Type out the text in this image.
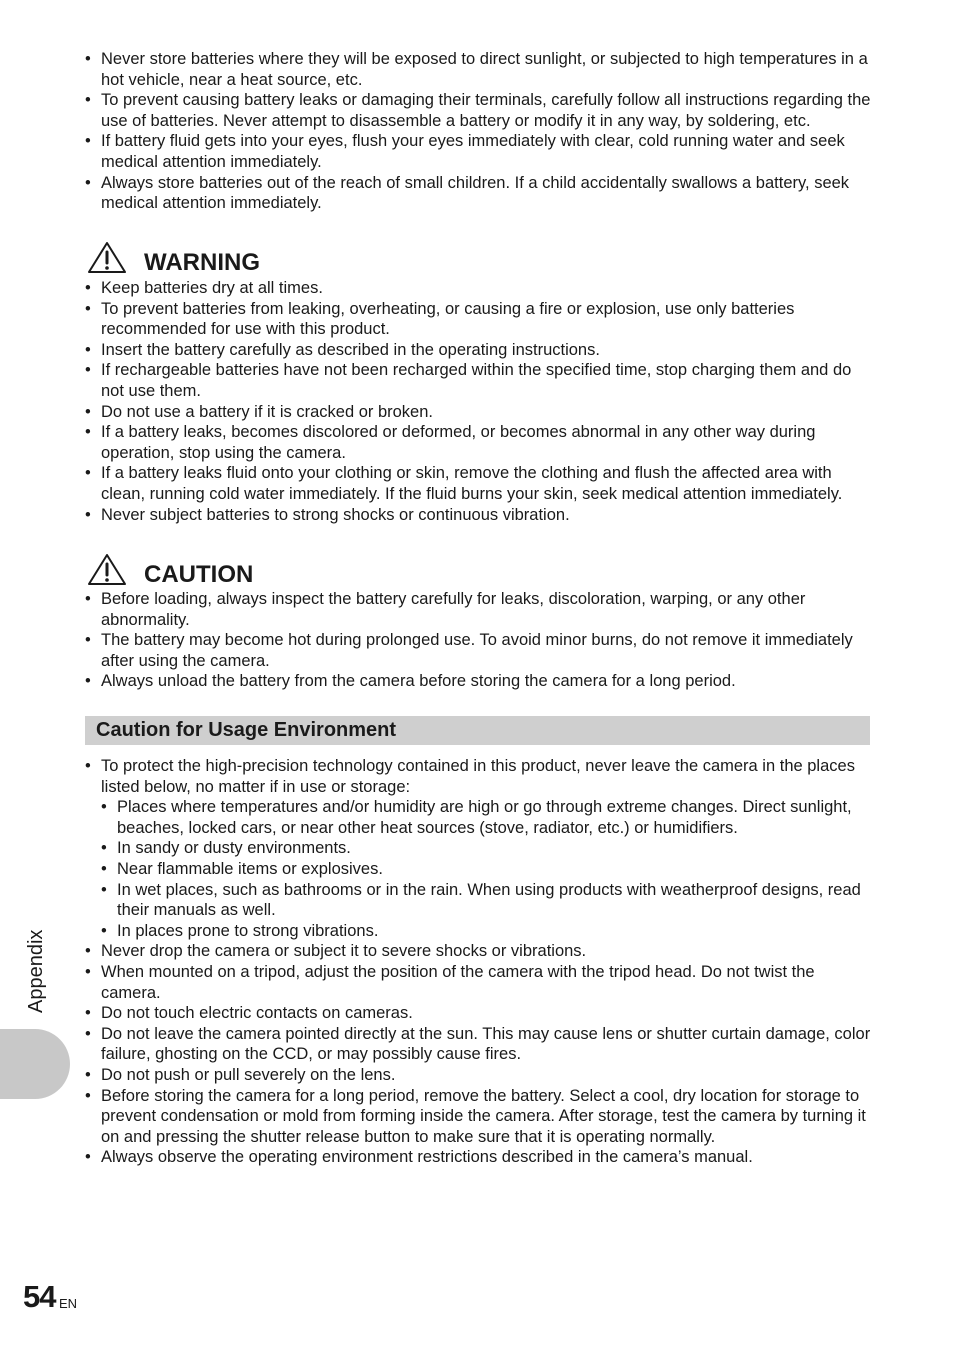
• Never store batteries where they will be exposed to direct sunlight, or subjected to high temperatures in a hot vehicle, near a heat source, etc.
• To prevent causing battery leaks or damaging their terminals, carefully follow all instructions regarding the use of batteries. Never attempt to disassemble a battery or modify it in any way, by soldering, etc.
• If battery fluid gets into your eyes, flush your eyes immediately with clear, cold running water and seek medical attention immediately.
• Always store batteries out of the reach of small children. If a child accidentally swallows a battery, seek medical attention immediately.
WARNING
• Keep batteries dry at all times.
• To prevent batteries from leaking, overheating, or causing a fire or explosion, use only batteries recommended for use with this product.
• Insert the battery carefully as described in the operating instructions.
• If rechargeable batteries have not been recharged within the specified time, stop charging them and do not use them.
• Do not use a battery if it is cracked or broken.
• If a battery leaks, becomes discolored or deformed, or becomes abnormal in any other way during operation, stop using the camera.
• If a battery leaks fluid onto your clothing or skin, remove the clothing and flush the affected area with clean, running cold water immediately. If the fluid burns your skin, seek medical attention immediately.
• Never subject batteries to strong shocks or continuous vibration.
CAUTION
• Before loading, always inspect the battery carefully for leaks, discoloration, warping, or any other abnormality.
• The battery may become hot during prolonged use. To avoid minor burns, do not remove it immediately after using the camera.
• Always unload the battery from the camera before storing the camera for a long period.
Caution for Usage Environment
• To protect the high-precision technology contained in this product, never leave the camera in the places listed below, no matter if in use or storage:
• Places where temperatures and/or humidity are high or go through extreme changes. Direct sunlight, beaches, locked cars, or near other heat sources (stove, radiator, etc.) or humidifiers.
• In sandy or dusty environments.
• Near flammable items or explosives.
• In wet places, such as bathrooms or in the rain. When using products with weatherproof designs, read their manuals as well.
• In places prone to strong vibrations.
• Never drop the camera or subject it to severe shocks or vibrations.
• When mounted on a tripod, adjust the position of the camera with the tripod head. Do not twist the camera.
• Do not touch electric contacts on cameras.
• Do not leave the camera pointed directly at the sun. This may cause lens or shutter curtain damage, color failure, ghosting on the CCD, or may possibly cause fires.
• Do not push or pull severely on the lens.
• Before storing the camera for a long period, remove the battery. Select a cool, dry location for storage to prevent condensation or mold from forming inside the camera. After storage, test the camera by turning it on and pressing the shutter release button to make sure that it is operating normally.
• Always observe the operating environment restrictions described in the camera’s manual.
Appendix
54 EN
